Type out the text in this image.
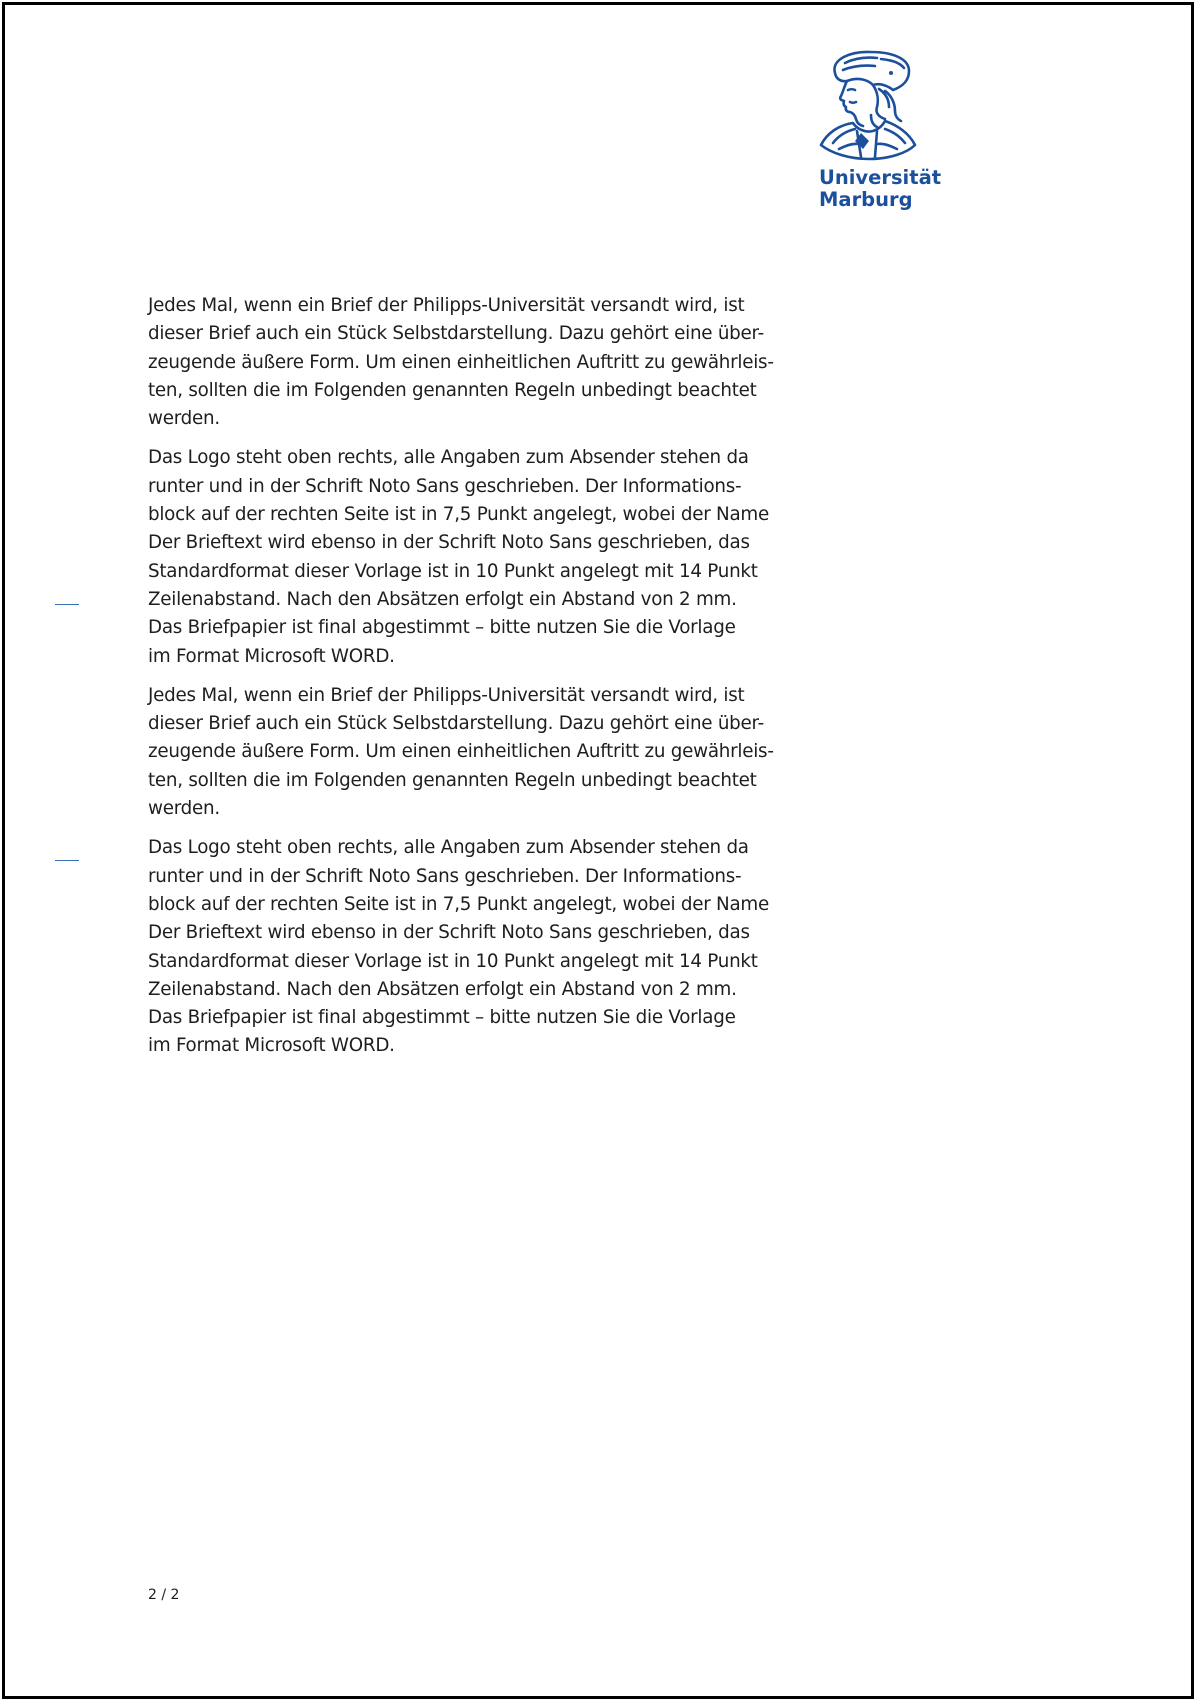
Universität
Marburg

Jedes Mal, wenn ein Brief der Philipps-Universität versandt wird, ist
dieser Brief auch ein Stück Selbstdarstellung. Dazu gehört eine über-
zeugende äußere Form. Um einen einheitlichen Auftritt zu gewährleis-
ten, sollten die im Folgenden genannten Regeln unbedingt beachtet
werden.

Das Logo steht oben rechts, alle Angaben zum Absender stehen da
runter und in der Schrift Noto Sans geschrieben. Der Informations-
block auf der rechten Seite ist in 7,5 Punkt angelegt, wobei der Name
Der Brieftext wird ebenso in der Schrift Noto Sans geschrieben, das
Standardformat dieser Vorlage ist in 10 Punkt angelegt mit 14 Punkt
Zeilenabstand. Nach den Absätzen erfolgt ein Abstand von 2 mm.
Das Briefpapier ist final abgestimmt – bitte nutzen Sie die Vorlage
im Format Microsoft WORD.

Jedes Mal, wenn ein Brief der Philipps-Universität versandt wird, ist
dieser Brief auch ein Stück Selbstdarstellung. Dazu gehört eine über-
zeugende äußere Form. Um einen einheitlichen Auftritt zu gewährleis-
ten, sollten die im Folgenden genannten Regeln unbedingt beachtet
werden.

Das Logo steht oben rechts, alle Angaben zum Absender stehen da
runter und in der Schrift Noto Sans geschrieben. Der Informations-
block auf der rechten Seite ist in 7,5 Punkt angelegt, wobei der Name
Der Brieftext wird ebenso in der Schrift Noto Sans geschrieben, das
Standardformat dieser Vorlage ist in 10 Punkt angelegt mit 14 Punkt
Zeilenabstand. Nach den Absätzen erfolgt ein Abstand von 2 mm.
Das Briefpapier ist final abgestimmt – bitte nutzen Sie die Vorlage
im Format Microsoft WORD.

2 / 2
